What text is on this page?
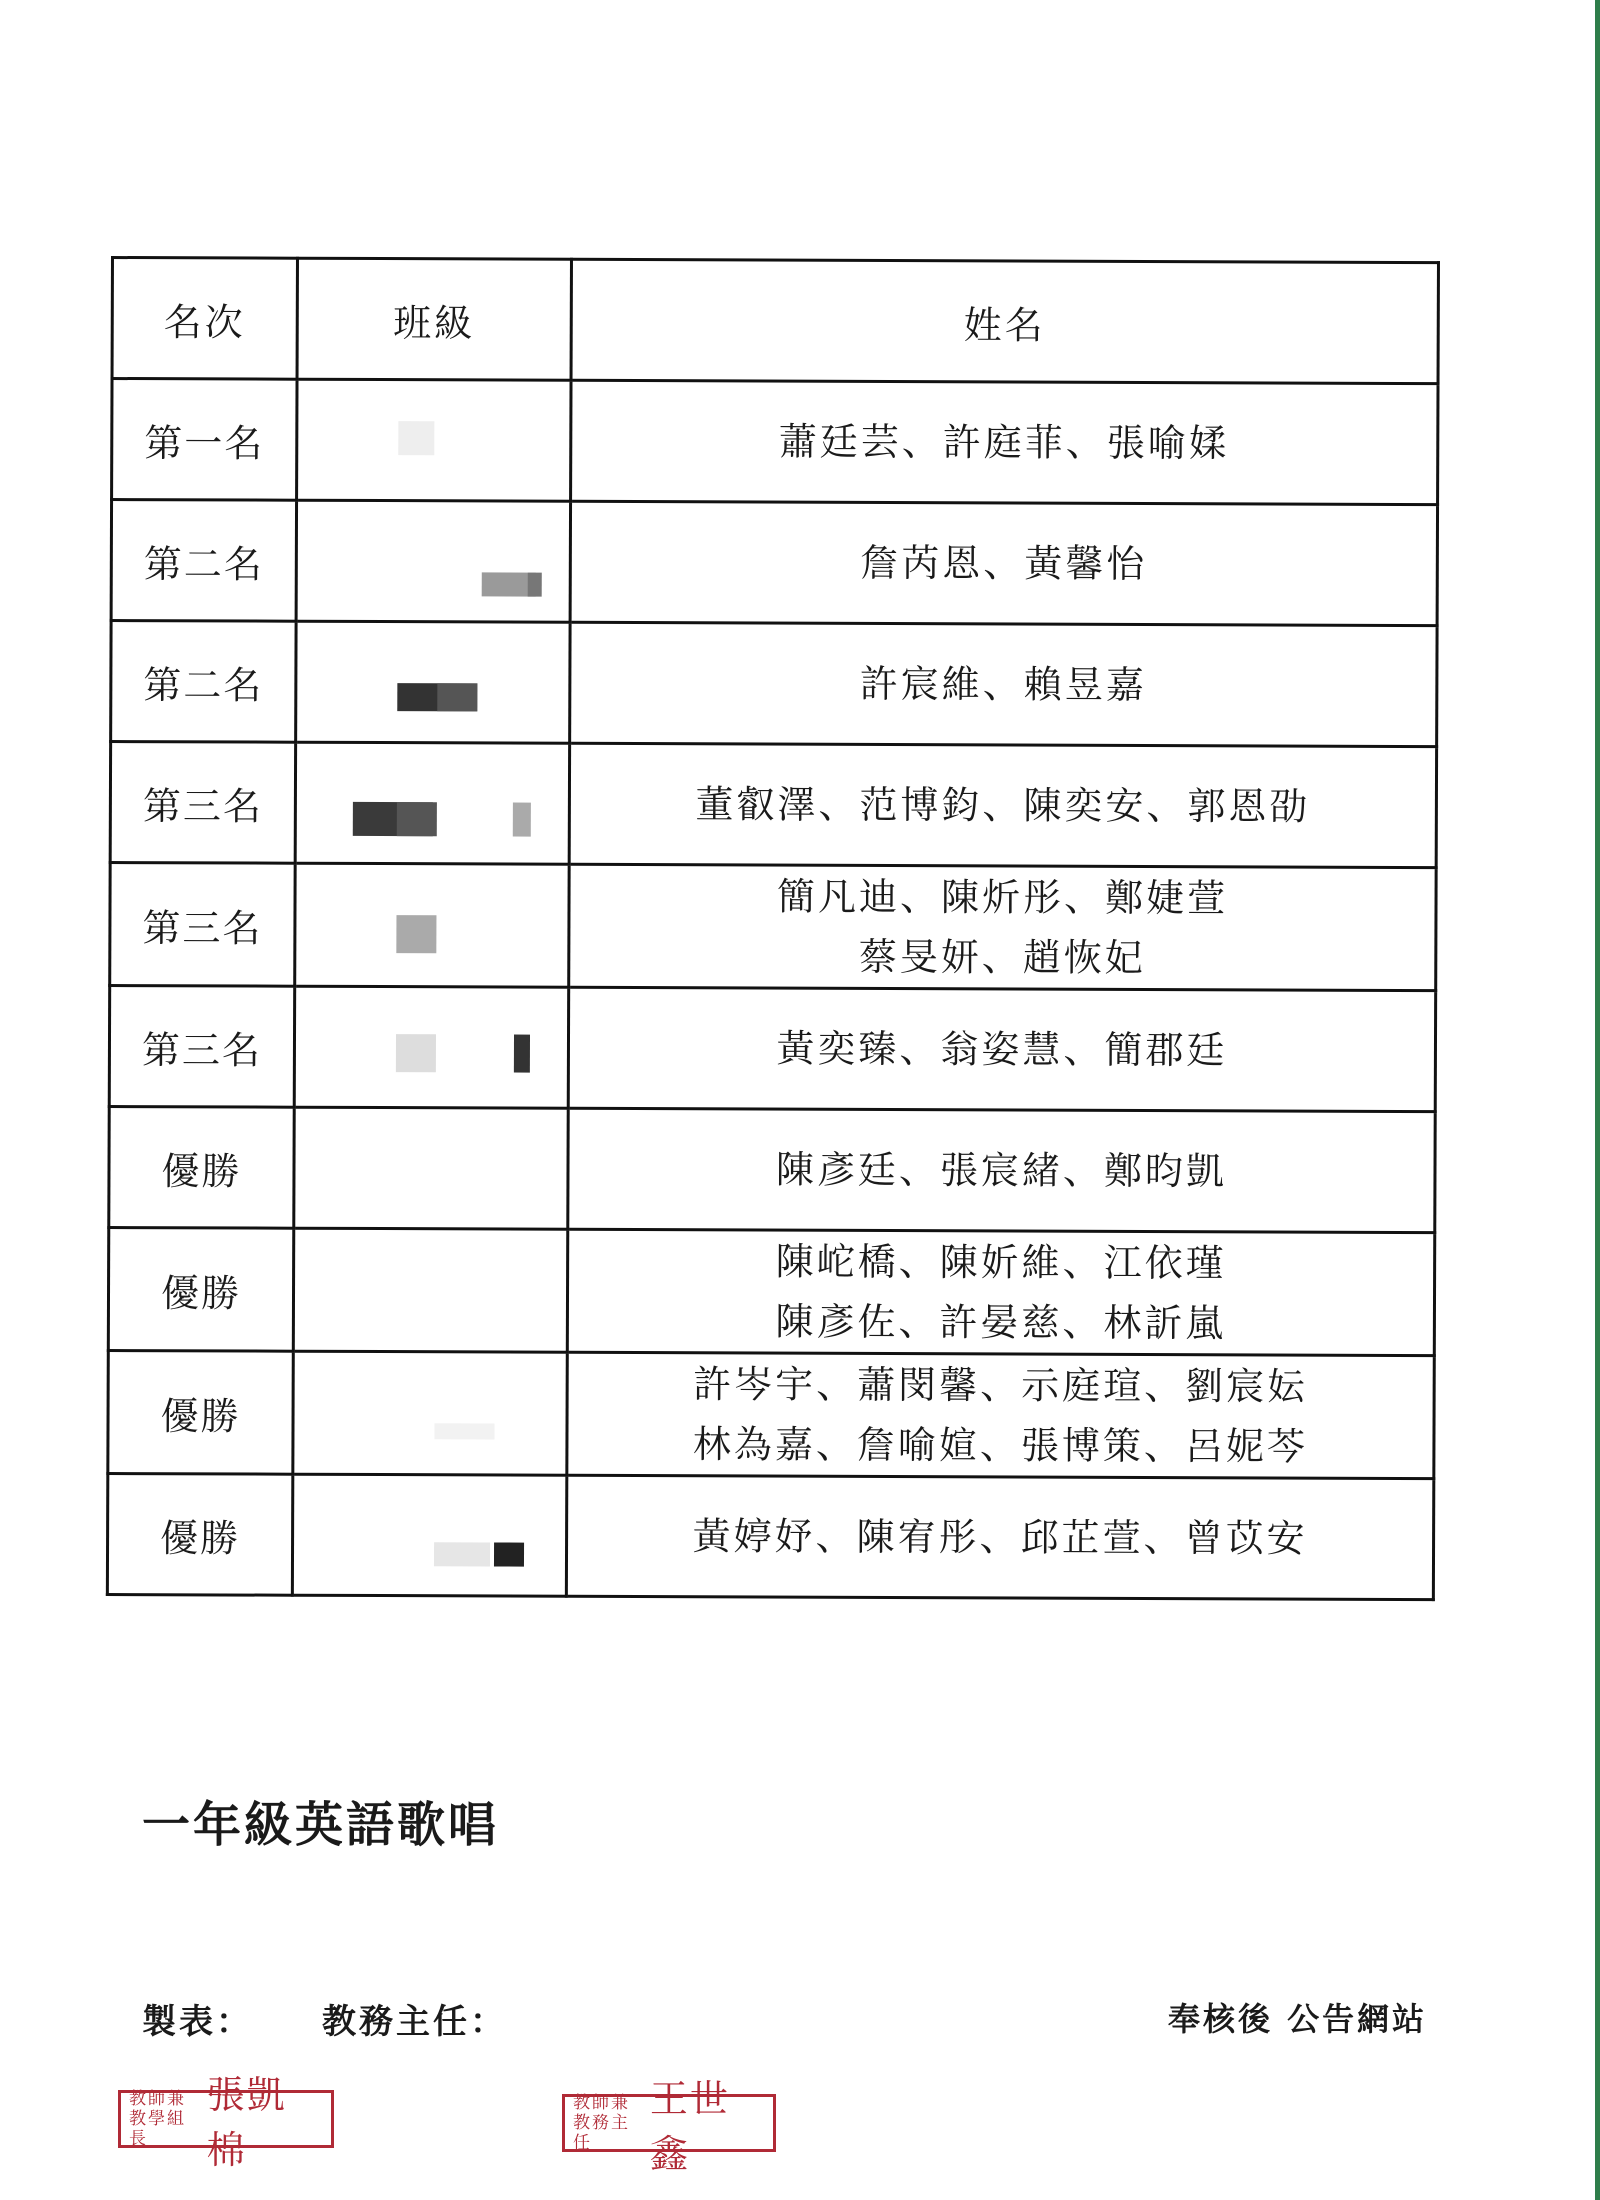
名次	班級	姓名
第一名		蕭廷芸、許庭菲、張喻媃

第二名		詹芮恩、黃馨怡

第二名		許宸維、賴昱嘉

第三名		董叡澤、范博鈞、陳奕安、郭恩劭

第三名		簡凡迪、陳炘彤、鄭婕萱
蔡旻妍、趙恢妃

第三名		黃奕臻、翁姿慧、簡郡廷

優勝		陳彥廷、張宸緒、鄭昀凱

優勝		陳岮橋、陳妡維、江依瑾
陳彥佐、許晏慈、林訢嵐

優勝		許岑宇、蕭閔馨、示庭瑄、劉宸妘
林為嘉、詹喻媗、張博策、呂妮芩

優勝		黃婷妤、陳宥彤、邱芷萱、曾苡安
一年級英語歌唱
製表： 教務主任：	奉核後 公告網站
教師兼
教學組長
張凱棉
教師兼
教務主任
王世鑫
